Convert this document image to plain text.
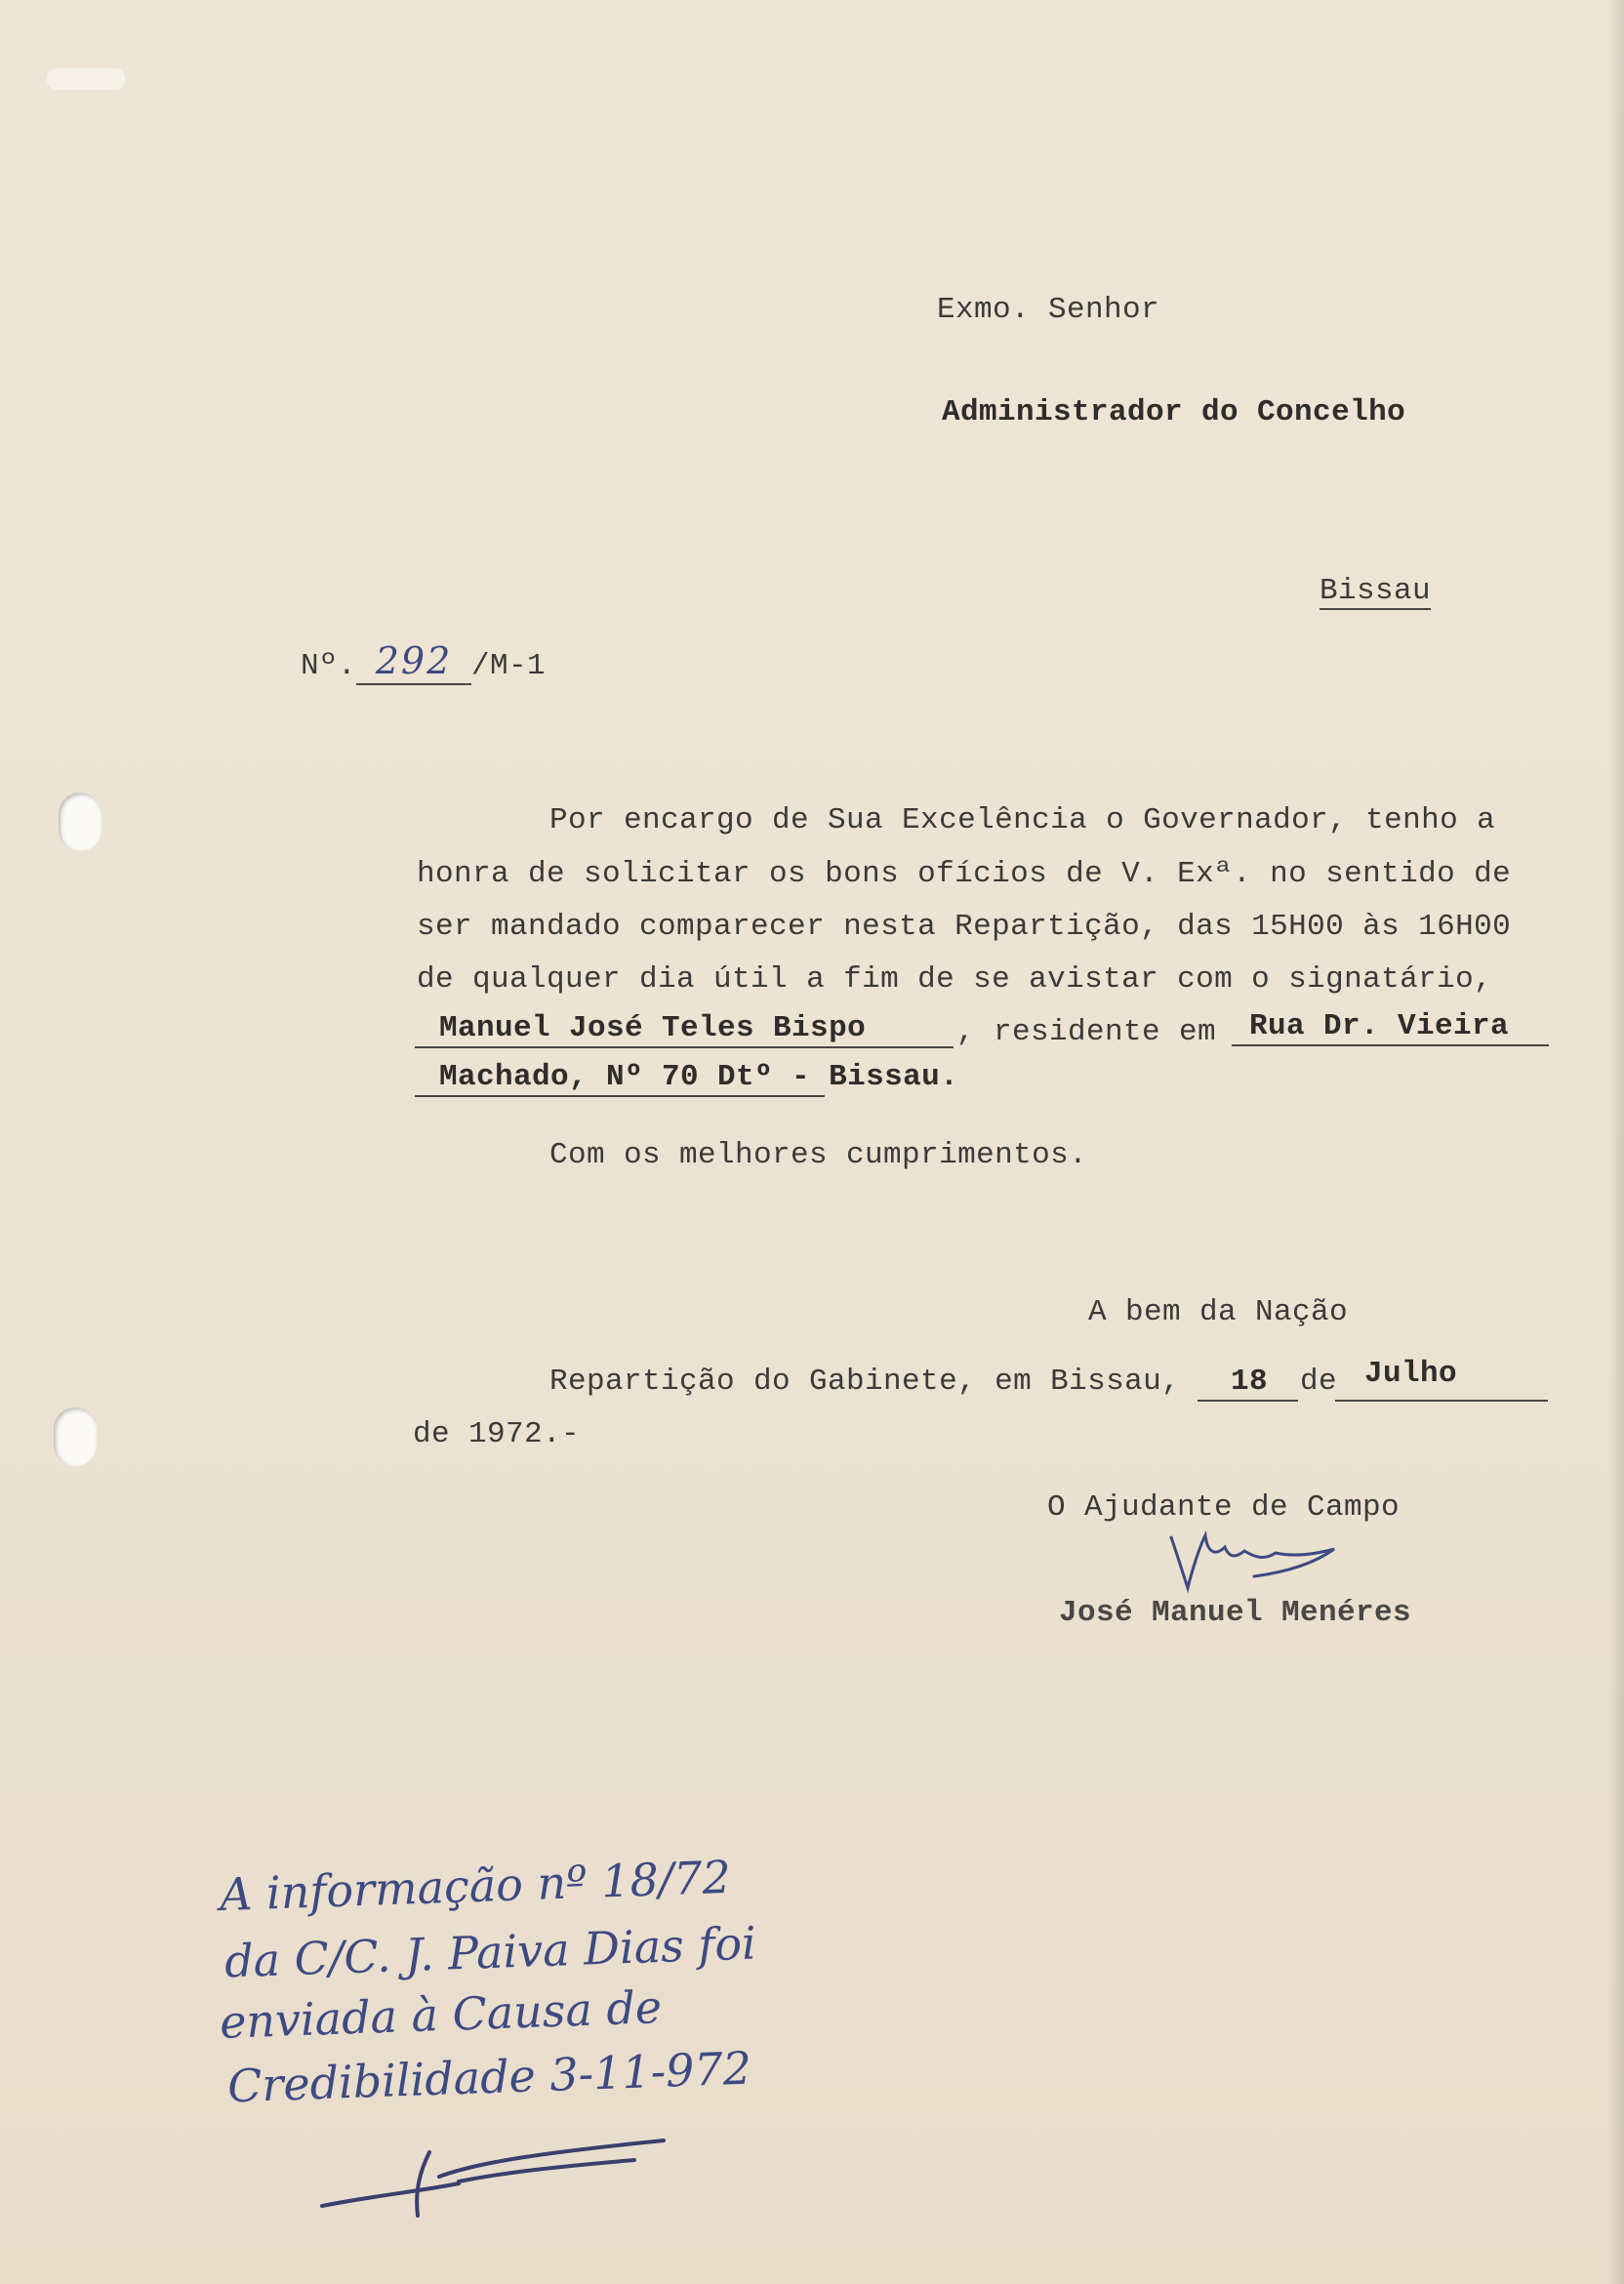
Exmo. Senhor
Administrador do Concelho
Bissau
Nº. 292 /M-1
Por encargo de Sua Excelência o Governador, tenho a
honra de solicitar os bons ofícios de V. Exª. no sentido de
ser mandado comparecer nesta Repartição, das 15H00 às 16H00
de qualquer dia útil a fim de se avistar com o signatário,
Manuel José Teles Bispo	, residente em Rua Dr. Vieira
Machado, Nº 70 Dtº - Bissau.
Com os melhores cumprimentos.
A bem da Nação
Repartição do Gabinete, em Bissau, 18 de Julho
de 1972.-
O Ajudante de Campo
José Manuel Menéres
A informação nº 18/72
da C/C. J. Paiva Dias foi
enviada à Causa de
Credibilidade 3-11-972
